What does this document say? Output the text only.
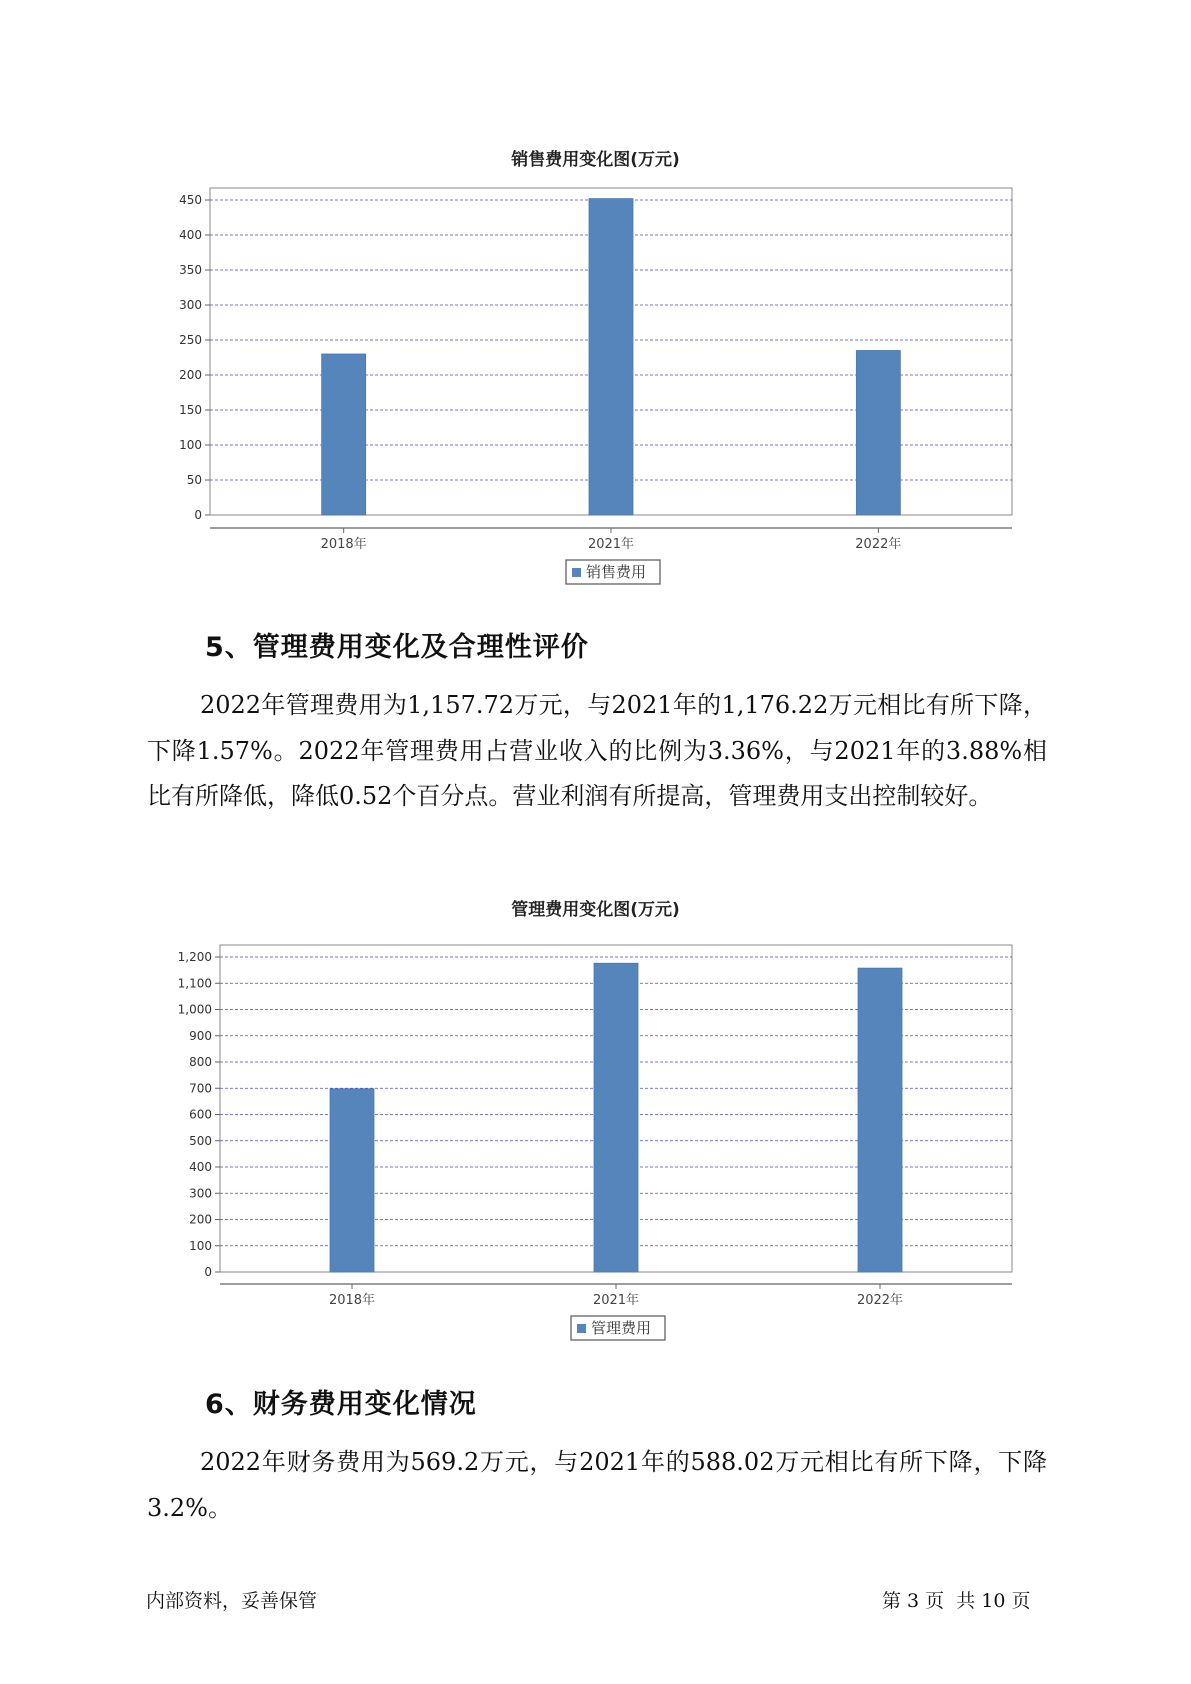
销售费用变化图(万元)
0
50
100
150
200
250
300
350
400
450
2018年	2021年	2022年
销售费用
5、管理费用变化及合理性评价

2022年管理费用为1,157.72万元，与2021年的1,176.22万元相比有所下降，下降1.57%。2022年管理费用占营业收入的比例为3.36%，与2021年的3.88%相比有所降低，降低0.52个百分点。营业利润有所提高，管理费用支出控制较好。

管理费用变化图(万元)
0
100
200
300
400
500
600
700
800
900
1,000
1,100
1,200
2018年	2021年	2022年
管理费用
6、财务费用变化情况

2022年财务费用为569.2万元，与2021年的588.02万元相比有所下降，下降3.2%。

内部资料，妥善保管	第 3 页  共 10 页
